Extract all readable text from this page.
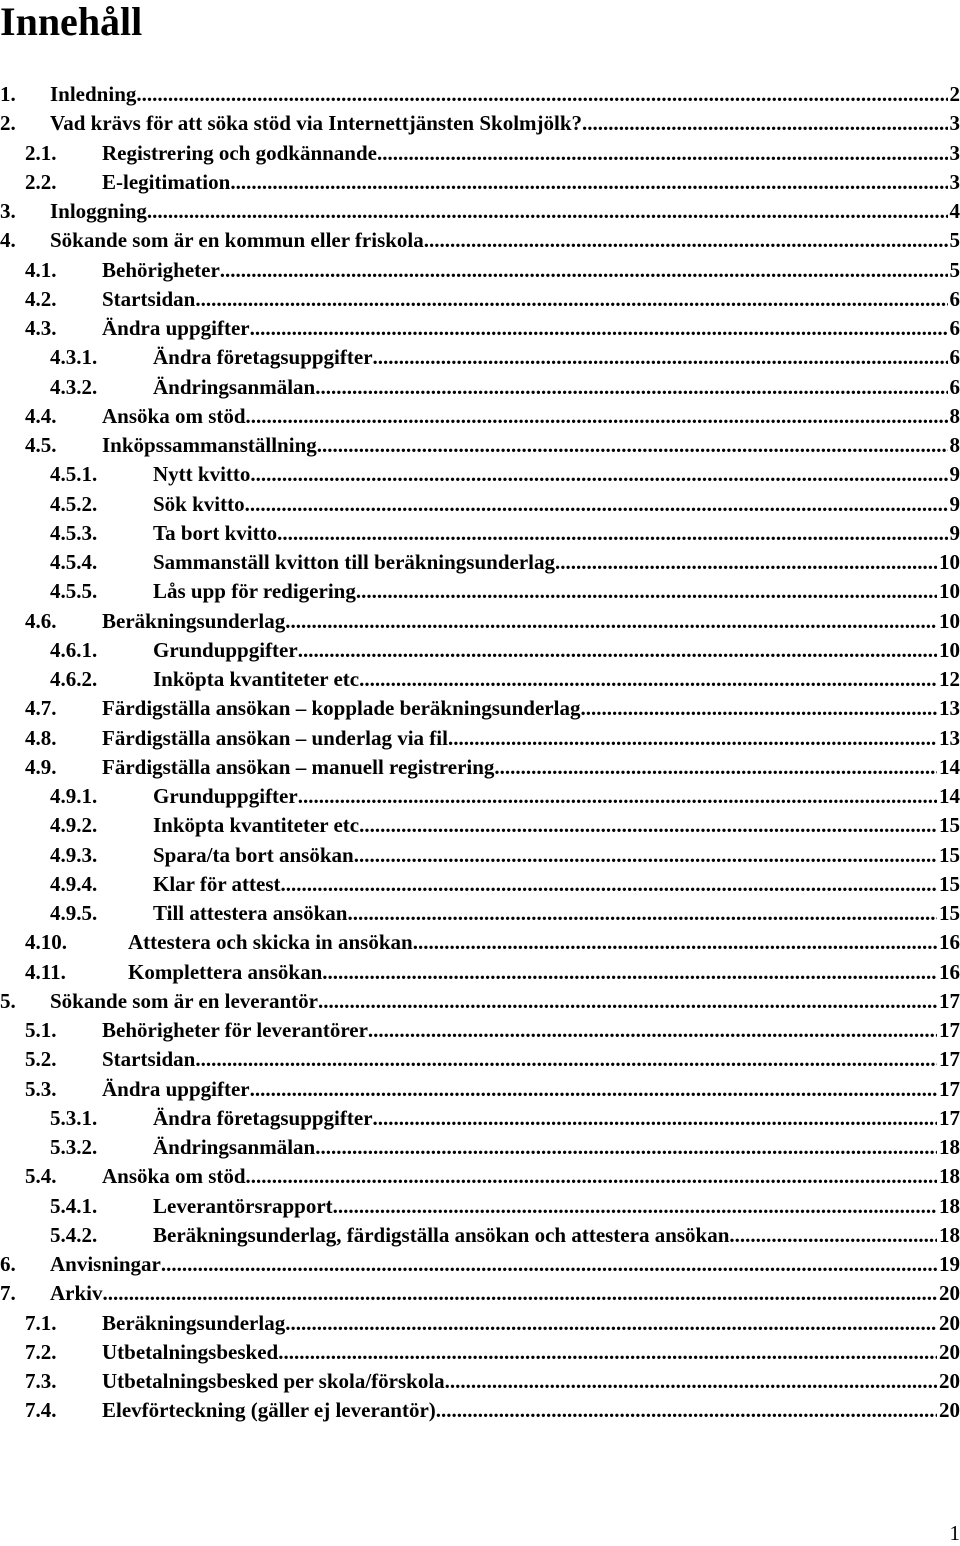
Innehåll
1.	Inledning .....	2
2.	Vad krävs för att söka stöd via Internettjänsten Skolmjölk? .....	3
2.1.	Registrering och godkännande .....	3
2.2.	E-legitimation .....	3
3.	Inloggning .....	4
4.	Sökande som är en kommun eller friskola .....	5
4.1.	Behörigheter .....	5
4.2.	Startsidan .....	6
4.3.	Ändra uppgifter .....	6
4.3.1.	Ändra företagsuppgifter .....	6
4.3.2.	Ändringsanmälan .....	6
4.4.	Ansöka om stöd .....	8
4.5.	Inköpssammanställning .....	8
4.5.1.	Nytt kvitto .....	9
4.5.2.	Sök kvitto .....	9
4.5.3.	Ta bort kvitto .....	9
4.5.4.	Sammanställ kvitton till beräkningsunderlag .....	10
4.5.5.	Lås upp för redigering .....	10
4.6.	Beräkningsunderlag .....	10
4.6.1.	Grunduppgifter .....	10
4.6.2.	Inköpta kvantiteter etc .....	12
4.7.	Färdigställa ansökan – kopplade beräkningsunderlag .....	13
4.8.	Färdigställa ansökan – underlag via fil .....	13
4.9.	Färdigställa ansökan – manuell registrering .....	14
4.9.1.	Grunduppgifter .....	14
4.9.2.	Inköpta kvantiteter etc .....	15
4.9.3.	Spara/ta bort ansökan .....	15
4.9.4.	Klar för attest .....	15
4.9.5.	Till attestera ansökan .....	15
4.10.	Attestera och skicka in ansökan .....	16
4.11.	Komplettera ansökan .....	16
5.	Sökande som är en leverantör .....	17
5.1.	Behörigheter för leverantörer .....	17
5.2.	Startsidan .....	17
5.3.	Ändra uppgifter .....	17
5.3.1.	Ändra företagsuppgifter .....	17
5.3.2.	Ändringsanmälan .....	18
5.4.	Ansöka om stöd .....	18
5.4.1.	Leverantörsrapport .....	18
5.4.2.	Beräkningsunderlag, färdigställa ansökan och attestera ansökan .....	18
6.	Anvisningar .....	19
7.	Arkiv .....	20
7.1.	Beräkningsunderlag .....	20
7.2.	Utbetalningsbesked .....	20
7.3.	Utbetalningsbesked per skola/förskola .....	20
7.4.	Elevförteckning (gäller ej leverantör) .....	20
1
